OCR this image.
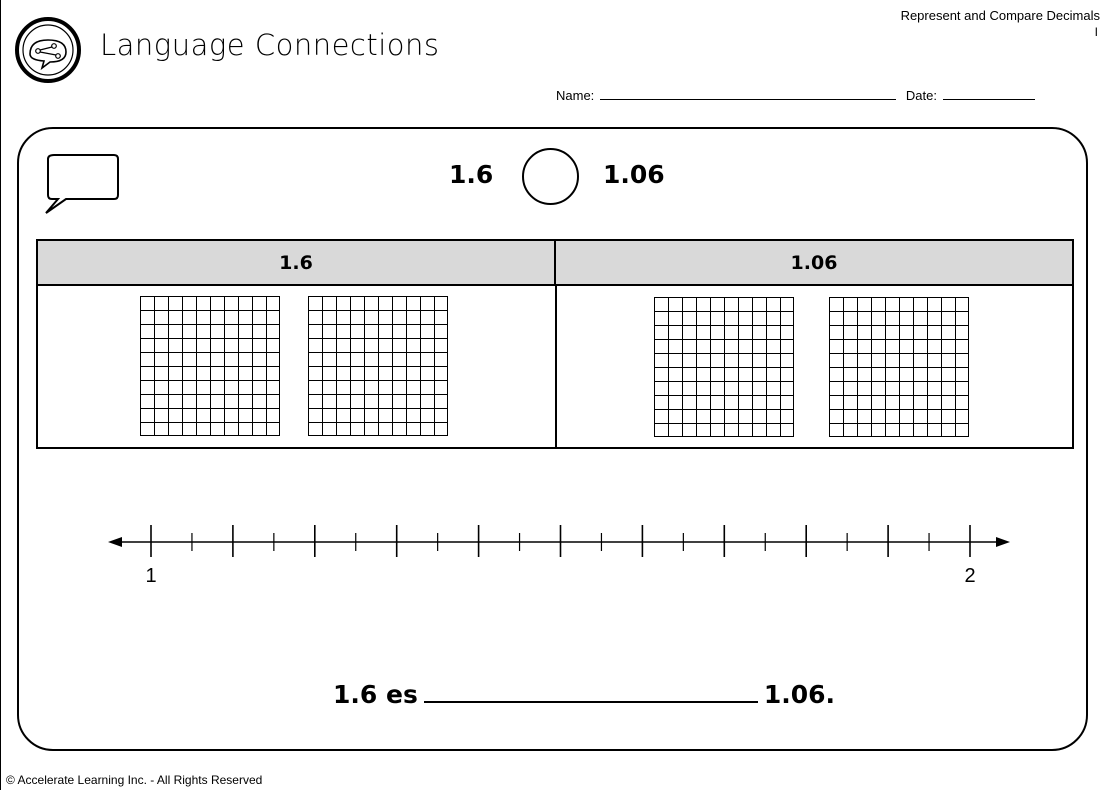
Language Connections
Represent and Compare Decimals
I
Name:	Date:
1.6	1.06
1.6	1.06
1	2
1.6 es	1.06.
© Accelerate Learning Inc. - All Rights Reserved
